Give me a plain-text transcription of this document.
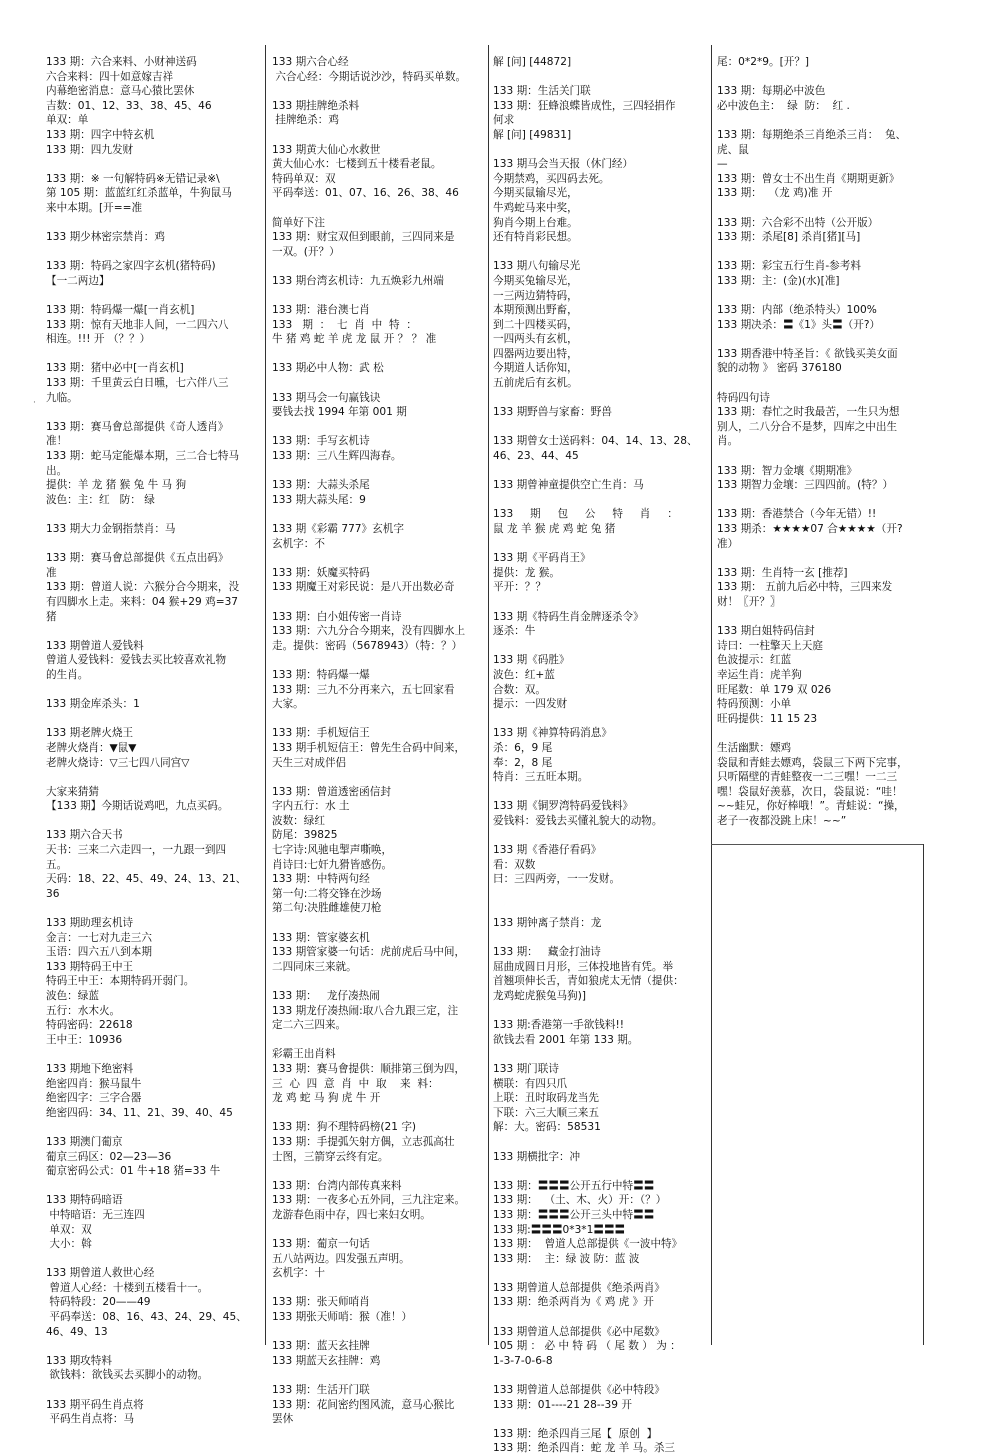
·
133 期：六合来料、小财神送码
六合来料：四十如意嫁吉祥
内幕绝密消息：意马心猿比罢休
吉数：01、12、33、38、45、46
单双：单
133 期：四字中特玄机
133 期：四九发财
133 期：※ 一句解特码※无错记录※\
第 105 期：蓝蓝红红杀蓝单，牛狗鼠马
来中本期。[开==准
133 期少林密宗禁肖：鸡
133 期：特码之家四字玄机(猪特码)
【一二两边】
133 期：特码爆一爆[一肖玄机]
133 期：惊有天地非人间，一二四六八
相连。!!! 开 （？？）
133 期：猪中必中[一肖玄机]
133 期：千里黄云白日曛，七六伴八三
九临。
133 期：赛马會总部提供《奇人透肖》
准！
133 期：蛇马定能爆本期，三二合七特马
出。
提供：羊 龙 猪 猴 兔 牛 马 狗
波色：主：红   防： 绿
133 期大力金钢指禁肖：马
133 期：赛马會总部提供《五点出码》
准
133 期：曾道人说：六猴分合今期来，没
有四脚水上走。来料：04 猴+29 鸡=37
猪
133 期曾道人爱钱料
曾道人爱钱料：爱钱去买比较喜欢礼物
的生肖。
133 期金库杀头：1
133 期老牌火烧王
老牌火烧肖：▼鼠▼
老牌火烧诗：▽三七四八同宫▽
大家来猜猜
【133 期】今期话说鸡吧，九点买码。
133 期六合天书
天书：三来二六走四一，一九跟一到四
五。
天码：18、22、45、49、24、13、21、
36
133 期助理玄机诗
金言：一七对九走三六
玉语：四六五八到本期
133 期特码王中王
特码王中王：本期特码开弱门。
波色：绿蓝
五行：水木火。
特码密码：22618
王中王：10936
133 期地下绝密料
绝密四肖：猴马鼠牛
绝密四字：三字合器
绝密四码：34、11、21、39、40、45
133 期澳门葡京
葡京三码区：02—23—36
葡京密码公式：01 牛+18 猪=33 牛
133 期特码暗语
中特暗语：无三连四
单双：双
大小：斡
133 期曾道人救世心经
曾道人心经：十楼到五楼看十一。
特码特段：20——49
平码奉送：08、16、43、24、29、45、
46、49、13
133 期攻特料
欲钱料：欲钱买去买脚小的动物。
133 期平码生肖点将
平码生肖点将：马
133 期六合心经
六合心经：今期话说沙沙，特码买单数。
133 期挂牌绝杀料
挂牌绝杀：鸡
133 期黄大仙心水救世
黄大仙心水：七楼到五十楼看老鼠。
特码单双：双
平码奉送：01、07、16、26、38、46
简单好下注
133 期：财宝双但到眼前，三四同来是
一双。(开？）
133 期台湾玄机诗：九五焕彩九州端
133 期：港台澳七肖
133   期  ：  七  肖  中  特  ：
牛 猪 鸡 蛇 羊 虎 龙 鼠 开 ？ ？ 准
133 期必中人物：武 松
133 期马会一句赢钱诀
要钱去找 1994 年第 001 期
133 期：手写玄机诗
133 期：三八生辉四海春。
133 期：大蒜头杀尾
133 期大蒜头尾：9
133 期《彩霸 777》玄机字
玄机字：不
133 期：妖魔买特码
133 期魔王对彩民说：是八开出数必奇
133 期：白小姐传密一肖诗
133 期：六九分合今期来，没有四脚水上
走。提供：密码（5678943）（特：？）
133 期：特码爆一爆
133 期：三九不分再来六，五七回家看
大家。
133 期：手机短信王
133 期手机短信王：曾先生合码中间来，
天生三对成伴侣
133 期：曾道透密函信封
字内五行：水 土
波数：绿红
防尾：39825
七字诗:风驰电掣声嘶唤，
肖诗曰:七奸九猾皆感伤。
133 期：中特两句经
第一句:二将交锋在沙场
第二句:决胜雌雄使刀枪
133 期：管家婆玄机
133 期管家婆一句话：虎前虎后马中间，
二四同床三来就。
133 期：   龙仔凑热闹
133 期龙仔凑热闹:取八合九跟三定，注
定二六三四来。
彩霸王出肖料
133 期：赛马會提供：顺排第三倒为四，
三  心  四  意  肖  中  取    来  料：
龙 鸡 蛇 马 狗 虎 牛 开
133 期：狗不理特码榜(21 字)
133 期：手提弧矢射方偶，立志孤高壮
士图，三箭穿云终有定。
133 期：台湾内部传真来料
133 期：一夜多心五外同，三九注定来。
龙游春色雨中存，四七来妇女明。
133 期：葡京一句话
五八站两边。四发强五声明。
玄机字：十
133 期：张天师哨肖
133 期张天师哨：猴（准！）
133 期：蓝天玄挂牌
133 期蓝天玄挂牌：鸡
133 期：生活开门联
133 期：花间密约图风流，意马心猴比
罢休
解 [问] [44872]
133 期：生活关门联
133 期：狂蜂浪蝶皆成性，三四轻捐作
何求
解 [问] [49831]
133 期马会当天报（休门经）
今期禁鸡，买四码去死。
今期买鼠输尽光，
牛鸡蛇马来中奖，
狗肖今期上台难。
还有特肖彩民想。
133 期八句输尽光
今期买兔输尽光，
一三两边猜特码，
本期预测出野畜，
到二十四楼买码，
一四两头有玄机，
四器两边要出特，
今期道人话你知，
五前虎后有玄机。
133 期野兽与家畜：野兽
133 期曾女士送码料：04、14、13、28、
46、23、44、45
133 期曾神童提供空亡生肖：马
133     期     包     公     特     肖     ：
鼠 龙 羊 猴 虎 鸡 蛇 兔 猪
133 期《平码肖王》
提供：龙 猴。
平开：？？
133 期《特码生肖金牌逐杀令》
逐杀：牛
133 期《码胜》
波色：红+蓝
合数：双。
提示：一四发财
133 期《神算特码消息》
杀：6，9 尾
奉：2，8 尾
特肖：三五旺本期。
133 期《铜罗湾特码爱钱料》
爱钱料：爱钱去买懂礼貌大的动物。
133 期《香港仔看码》
看：双数
曰：三四两旁，一一发财。
133 期钟离子禁肖：龙
133 期：   藏金打油诗
屈曲成圆日月形，三体投地皆有凭。举
首翘项伸长舌，青如狼虎太无情（提供：
龙鸡蛇虎猴兔马狗)]
133 期:香港第一手欲钱料!!
欲钱去看 2001 年第 133 期。
133 期门联诗
横联：有四只爪
上联：丑时取码龙当先
下联：六三大顺三来五
解：大。密码：58531
133 期横批字：冲
133 期：〓〓〓公开五行中特〓〓
133 期：  （土、木、火）开：（？）
133 期：〓〓〓公开三头中特〓〓
133 期:〓〓〓0*3*1〓〓〓
133 期：  曾道人总部提供《一波中特》
133 期：  主：绿 波 防：蓝 波
133 期曾道人总部提供《绝杀两肖》
133 期：绝杀两肖为《 鸡 虎 》开
133 期曾道人总部提供《必中尾数》
105 期 ： 必 中 特 码 （ 尾 数 ） 为 ：
1-3-7-0-6-8
133 期曾道人总部提供《必中特段》
133 期：01----21 28--39 开
133 期：绝杀四肖三尾【  原创  】
133 期：绝杀四肖：蛇 龙 羊 马。杀三
尾：0*2*9。[开？]
133 期：每期必中波色
必中波色主：  绿  防：  红 .
133 期：每期绝杀三肖绝杀三肖：  兔、
虎、鼠
—
133 期：曾女士不出生肖《期期更新》
133 期：  （龙 鸡)准 开
133 期：六合彩不出特（公开版）
133 期：杀尾[8] 杀肖[猪][马]
133 期：彩宝五行生肖-参考料
133 期：主：(金)(水)[准]
133 期：内部（绝杀特头）100%
133 期决杀：〓《1》头〓（开?）
133 期香港中特圣旨：《 欲钱买美女面
貌的动物 》 密码 376180
特码四句诗
133 期：春忙之时我最苦，一生只为想
别人，二八分合不是梦，四库之中出生
肖。
133 期：智力金壤《期期准》
133 期智力金壤：三四四前。(特？）
133 期：香港禁合（今年无错）!!
133 期杀：★★★★07 合★★★★（开?
准）
133 期：生肖特一玄 [推荐]
133 期： 五前九后必中特，三四来发
财！〖开？〗
133 期白姐特码信封
诗曰：一柱擎天上天庭
色波提示：红蓝
幸运生肖：虎羊狗
旺尾数：单 179 双 026
特码预测：小单
旺码提供：11 15 23
生活幽默：嫖鸡
袋鼠和青蛙去嫖鸡，袋鼠三下两下完事，
只听隔壁的青蛙整夜一二三嘿！一二三
嘿！袋鼠好羡慕，次日，袋鼠说：“哇！
~~蛙兄，你好棒哦！”。青蛙说：“操，
老子一夜都没跳上床！~~”
